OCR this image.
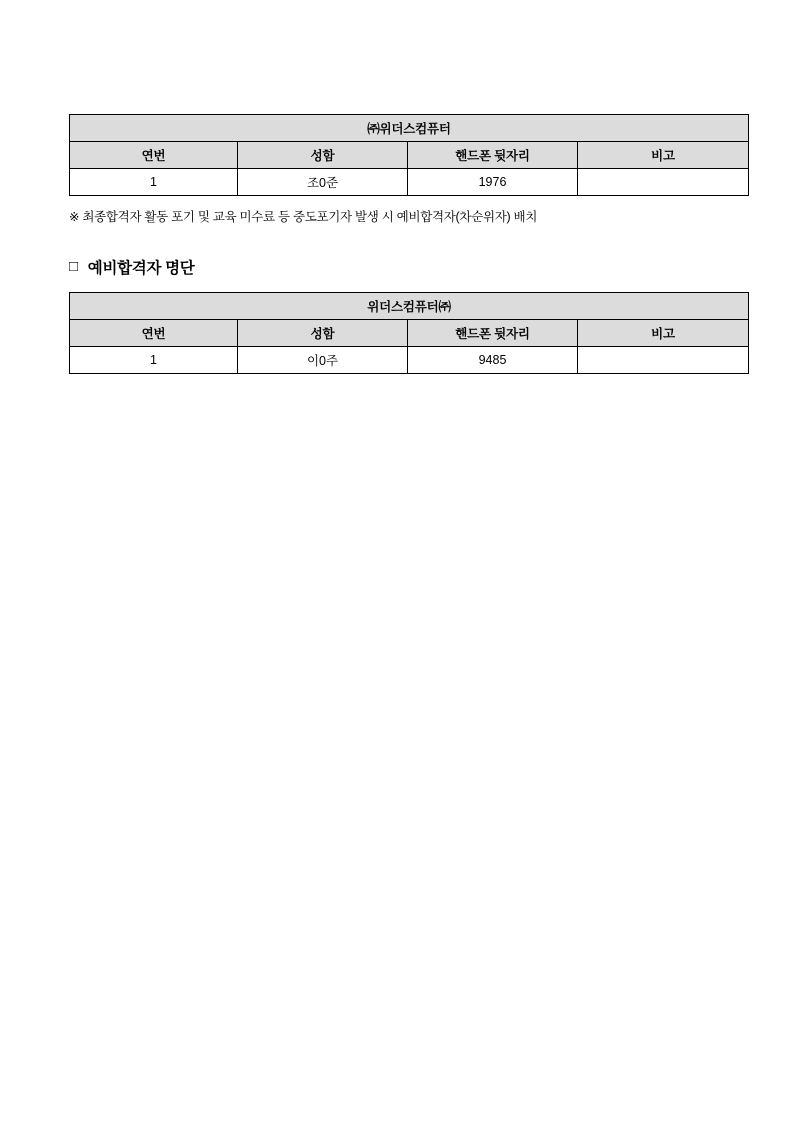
㈜위더스컴퓨터			
연번	성함	핸드폰 뒷자리	비고
1	조0준	1976	
※ 최종합격자 활동 포기 및 교육 미수료 등 중도포기자 발생 시 예비합격자(차순위자) 배치
□ 예비합격자 명단
위더스컴퓨터㈜			
연번	성함	핸드폰 뒷자리	비고
1	이0주	9485	
